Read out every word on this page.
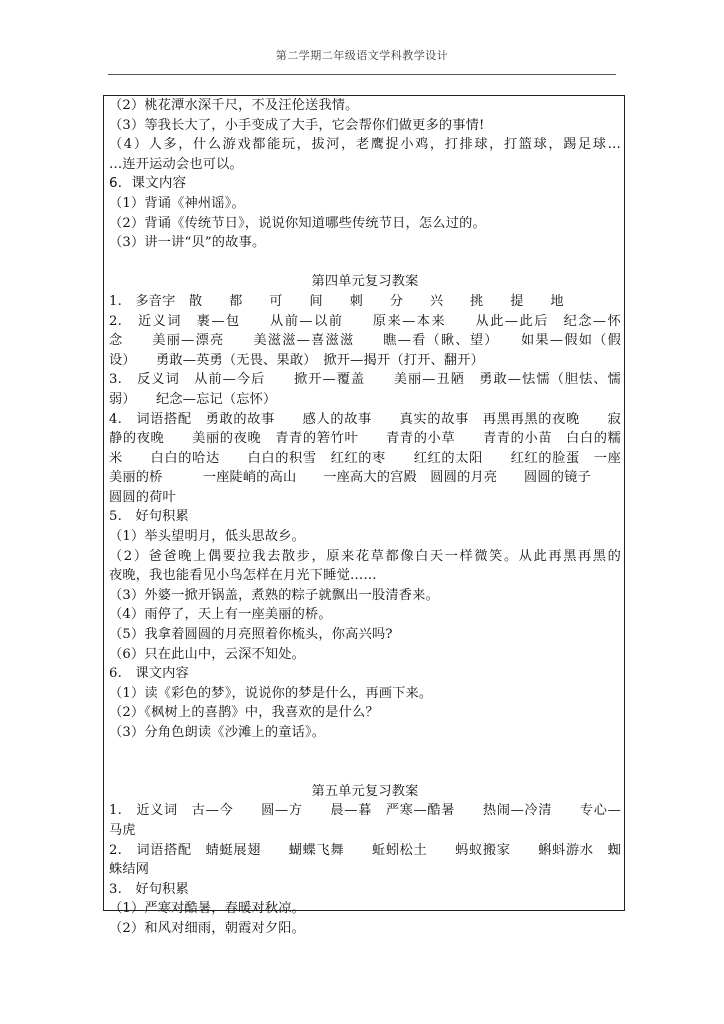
第二学期二年级语文学科教学设计
（2）桃花潭水深千尺，不及汪伦送我情。
（3）等我长大了，小手变成了大手，它会帮你们做更多的事情!
（4）人多，什么游戏都能玩，拔河，老鹰捉小鸡，打排球，打篮球，踢足球…
…连开运动会也可以。
6．课文内容
（1）背诵《神州谣》。
（2）背诵《传统节日》，说说你知道哪些传统节日，怎么过的。
（3）讲一讲“贝”的故事。
第四单元复习教案
1.　多音字　散　　都　　可　　间　　刺　　分　　兴　　挑　　提　　地
2.　近义词　裹—包　　从前—以前　　原来—本来　　从此—此后　纪念—怀
念　　美丽—漂亮　　美滋滋—喜滋滋　　瞧—看（瞅、望）　　如果—假如（假
设）　　勇敢—英勇（无畏、果敢）　掀开—揭开（打开、翻开）
3.　反义词　从前—今后　　掀开—覆盖　　美丽—丑陋　勇敢—怯懦（胆怯、懦
弱）　　纪念—忘记（忘怀）
4.　词语搭配　勇敢的故事　　感人的故事　　真实的故事　再黑再黑的夜晚　　寂
静的夜晚　　美丽的夜晚　青青的箬竹叶　　青青的小草　　青青的小苗　白白的糯
米　　白白的哈达　　白白的积雪　红红的枣　　红红的太阳　　红红的脸蛋　一座
美丽的桥　　　一座陡峭的高山　　一座高大的宫殿　圆圆的月亮　　圆圆的镜子
圆圆的荷叶
5.　好句积累
（1）举头望明月，低头思故乡。
（2）爸爸晚上偶要拉我去散步，原来花草都像白天一样微笑。从此再黑再黑的
夜晚，我也能看见小鸟怎样在月光下睡觉……
（3）外婆一掀开锅盖，煮熟的粽子就飘出一股清香来。
（4）雨停了，天上有一座美丽的桥。
（5）我拿着圆圆的月亮照着你梳头，你高兴吗?
（6）只在此山中，云深不知处。
6.　课文内容
（1）读《彩色的梦》，说说你的梦是什么，再画下来。
（2）《枫树上的喜鹊》中，我喜欢的是什么？
（3）分角色朗读《沙滩上的童话》。
第五单元复习教案
1.　近义词　古—今　　圆—方　　晨—暮　严寒—酷暑　　热闹—冷清　　专心—
马虎
2.　词语搭配　蜻蜓展翅　　蝴蝶飞舞　　蚯蚓松土　　蚂蚁搬家　　蝌蚪游水　蜘
蛛结网
3.　好句积累
（1）严寒对酷暑，春暖对秋凉。
（2）和风对细雨，朝霞对夕阳。
